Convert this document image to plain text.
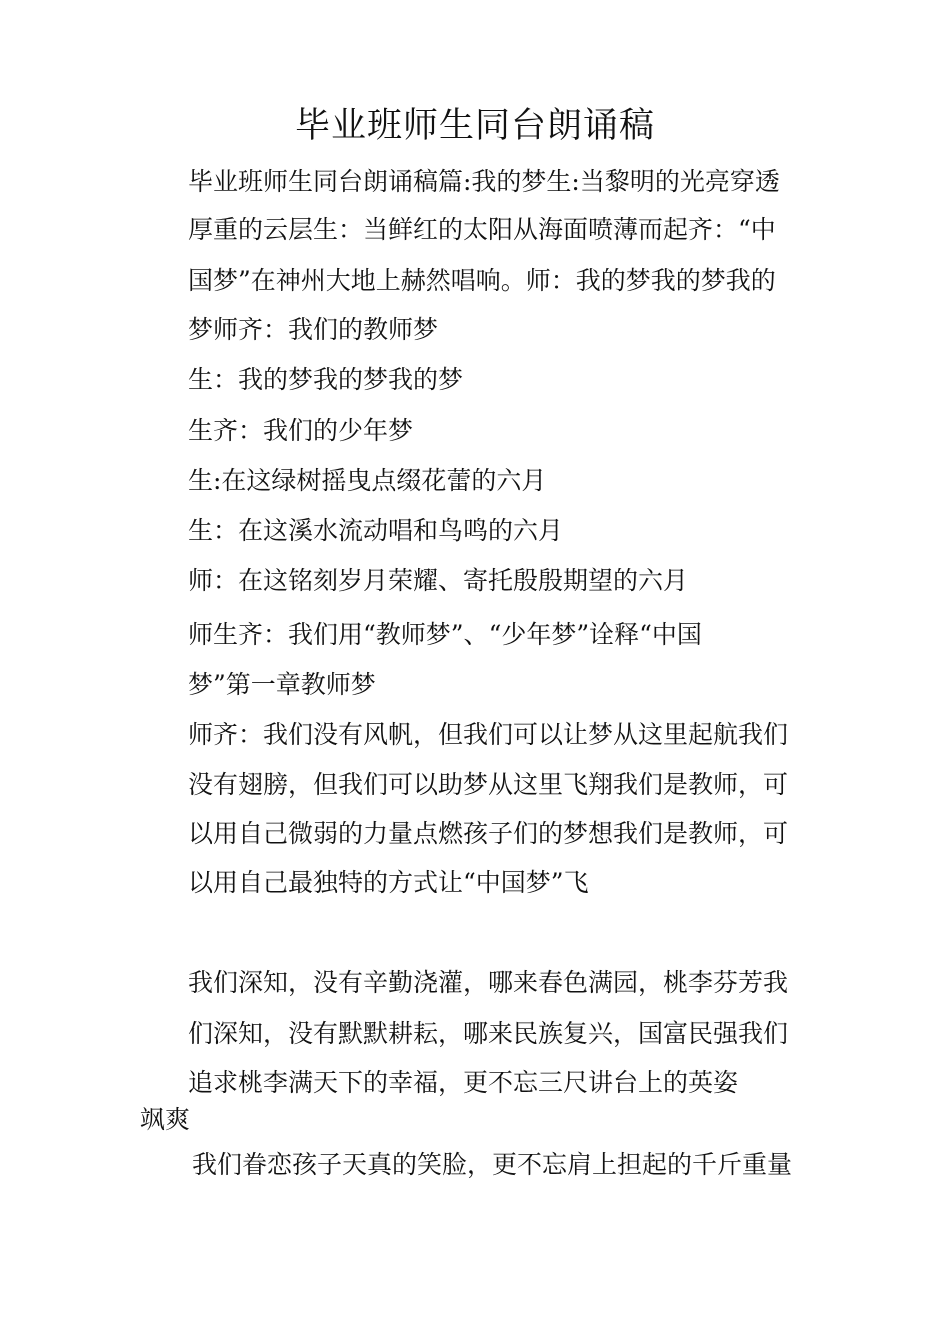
毕业班师生同台朗诵稿
毕业班师生同台朗诵稿篇:我的梦生:当黎明的光亮穿透
厚重的云层生：当鲜红的太阳从海面喷薄而起齐：“中
国梦”在神州大地上赫然唱响。师：我的梦我的梦我的
梦师齐：我们的教师梦
生：我的梦我的梦我的梦
生齐：我们的少年梦
生:在这绿树摇曳点缀花蕾的六月
生：在这溪水流动唱和鸟鸣的六月
师：在这铭刻岁月荣耀、寄托殷殷期望的六月
师生齐：我们用“教师梦”、“少年梦”诠释“中国
梦”第一章教师梦
师齐：我们没有风帆，但我们可以让梦从这里起航我们
没有翅膀，但我们可以助梦从这里飞翔我们是教师，可
以用自己微弱的力量点燃孩子们的梦想我们是教师，可
以用自己最独特的方式让“中国梦”飞
我们深知，没有辛勤浇灌，哪来春色满园，桃李芬芳我
们深知，没有默默耕耘，哪来民族复兴，国富民强我们
追求桃李满天下的幸福，更不忘三尺讲台上的英姿
飒爽
我们眷恋孩子天真的笑脸，更不忘肩上担起的千斤重量
